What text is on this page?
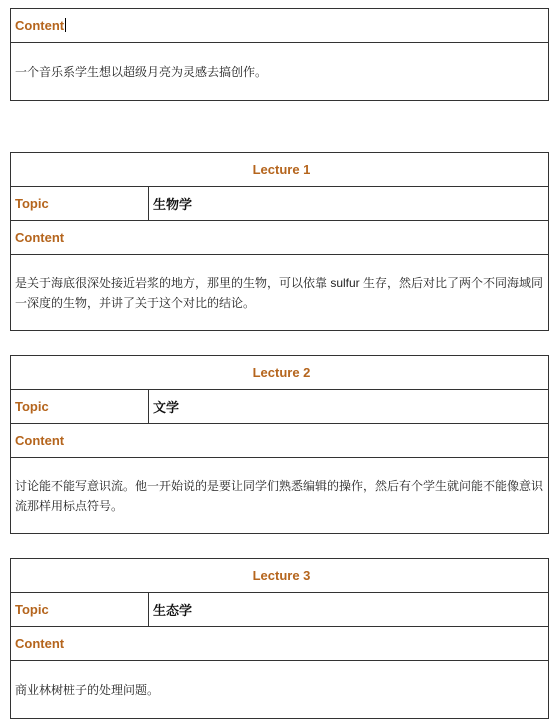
Content
一个音乐系学生想以超级月亮为灵感去搞创作。
Lecture 1
Topic	生物学
Content
是关于海底很深处接近岩浆的地方，那里的生物，可以依靠 sulfur 生存，然后对比了两个不同海域同一深度的生物，并讲了关于这个对比的结论。
Lecture 2
Topic	文学
Content
讨论能不能写意识流。他一开始说的是要让同学们熟悉编辑的操作，然后有个学生就问能不能像意识流那样用标点符号。
Lecture 3
Topic	生态学
Content
商业林树桩子的处理问题。
